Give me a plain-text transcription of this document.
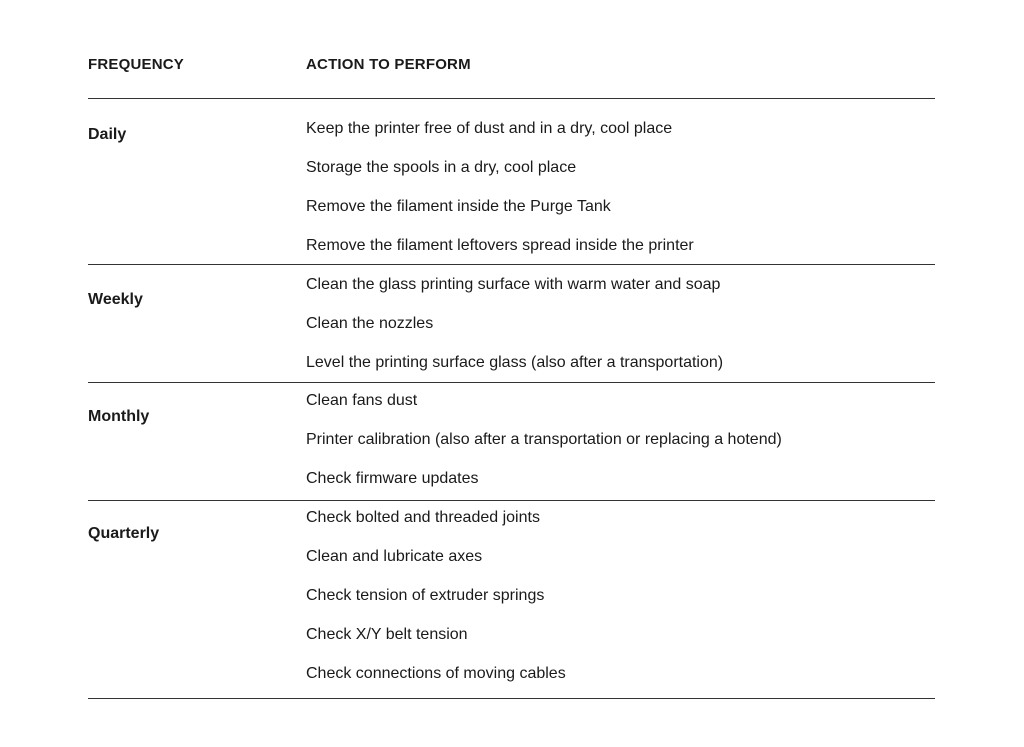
FREQUENCY	ACTION TO PERFORM
Daily	Keep the printer free of dust and in a dry, cool place
Storage the spools in a dry, cool place
Remove the filament inside the Purge Tank
Remove the filament leftovers spread inside the printer
Weekly
Clean the glass printing surface with warm water and soap
Clean the nozzles
Level the printing surface glass (also after a transportation)
Monthly
Clean fans dust
Printer calibration (also after a transportation or replacing a hotend)
Check firmware updates
Quarterly
Check bolted and threaded joints
Clean and lubricate axes
Check tension of extruder springs
Check X/Y belt tension
Check connections of moving cables
